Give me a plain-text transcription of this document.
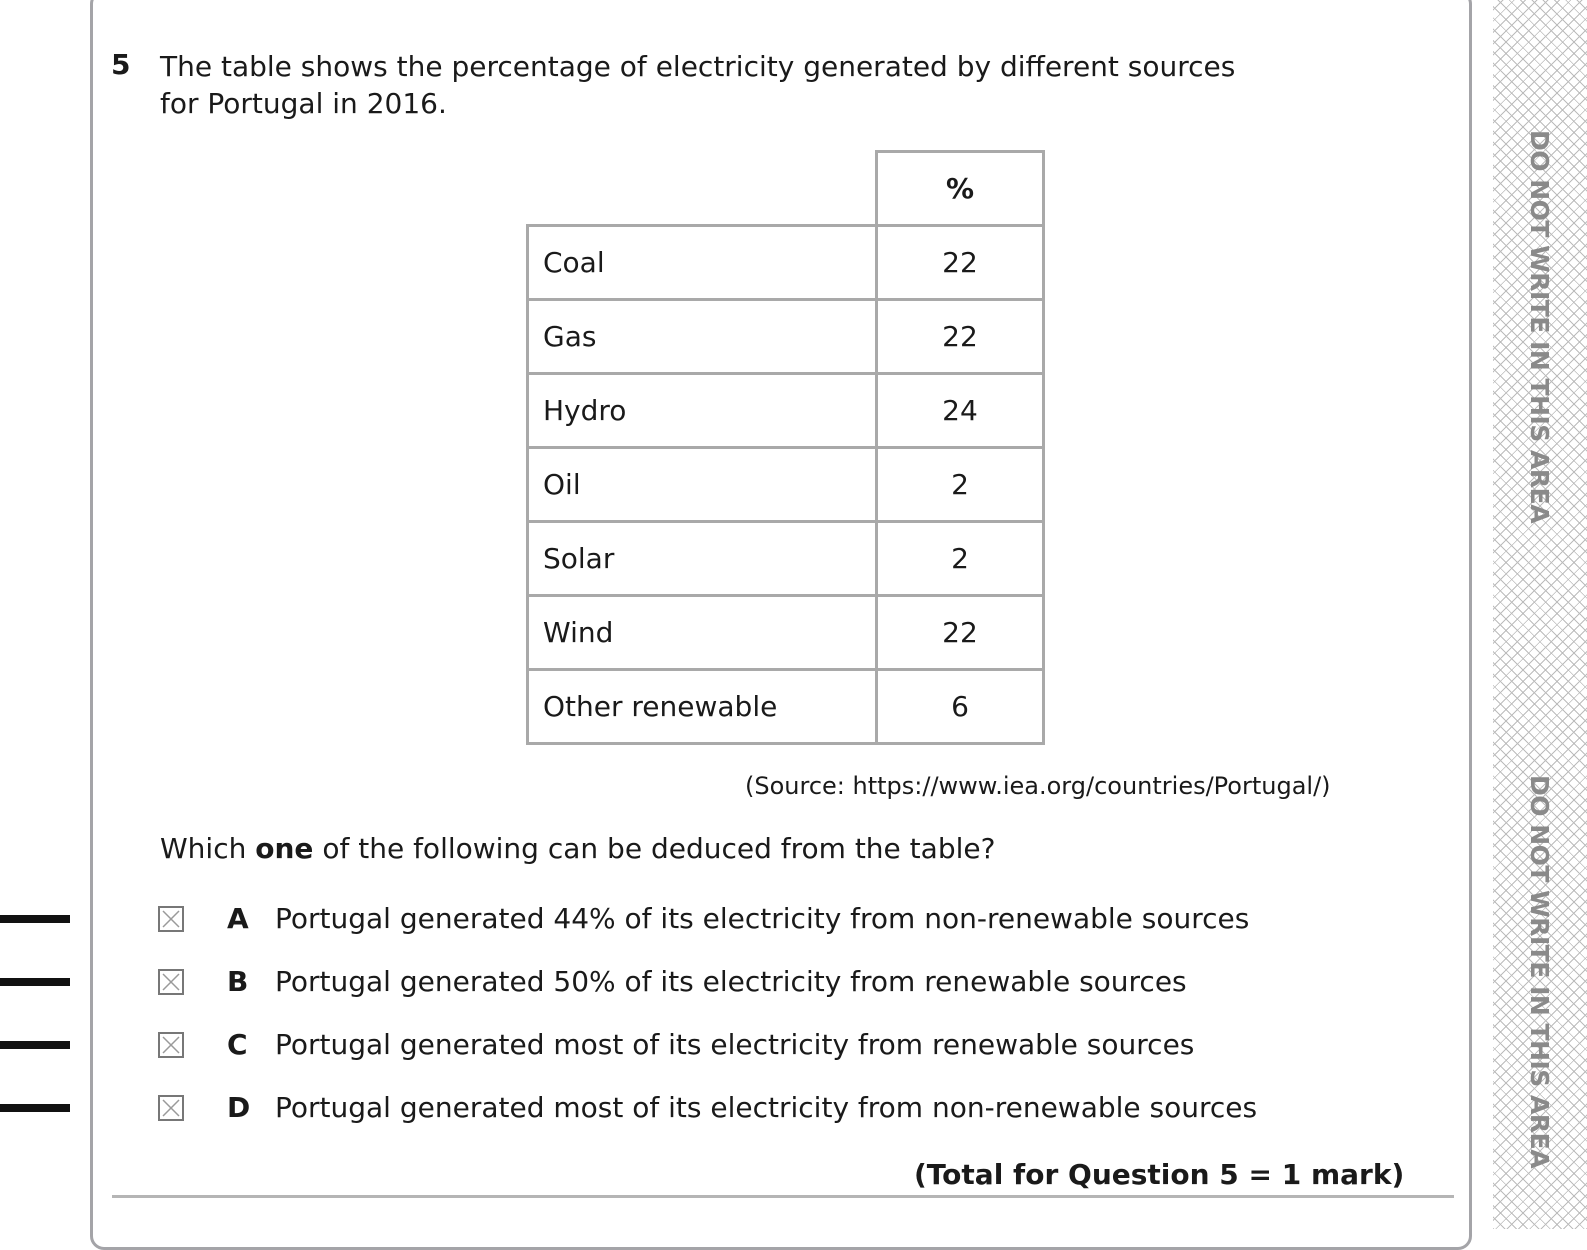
DO NOT WRITE IN THIS AREA
DO NOT WRITE IN THIS AREA
5 The table shows the percentage of electricity generated by different sources for Portugal in 2016.
	%
Coal	22
Gas	22
Hydro	24
Oil	2
Solar	2
Wind	22
Other renewable	6
(Source: https://www.iea.org/countries/Portugal/)
Which one of the following can be deduced from the table?
A Portugal generated 44% of its electricity from non-renewable sources
B Portugal generated 50% of its electricity from renewable sources
C Portugal generated most of its electricity from renewable sources
D Portugal generated most of its electricity from non-renewable sources
(Total for Question 5 = 1 mark)
